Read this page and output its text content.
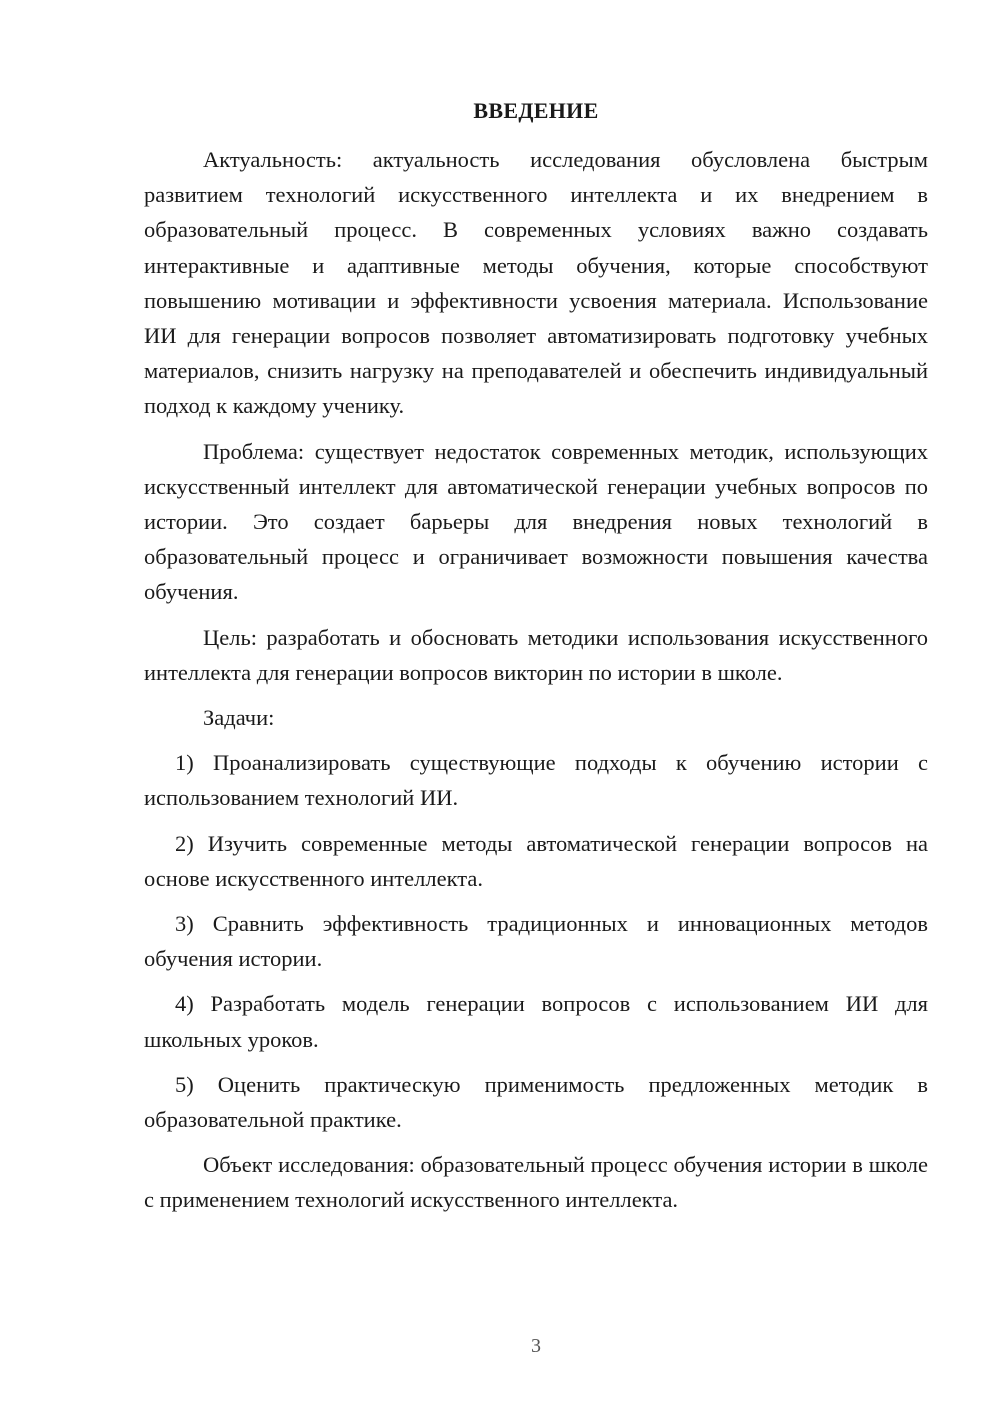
ВВЕДЕНИЕ

Актуальность: актуальность исследования обусловлена быстрым развитием технологий искусственного интеллекта и их внедрением в образовательный процесс. В современных условиях важно создавать интерактивные и адаптивные методы обучения, которые способствуют повышению мотивации и эффективности усвоения материала. Использование ИИ для генерации вопросов позволяет автоматизировать подготовку учебных материалов, снизить нагрузку на преподавателей и обеспечить индивидуальный подход к каждому ученику.

Проблема: существует недостаток современных методик, использующих искусственный интеллект для автоматической генерации учебных вопросов по истории. Это создает барьеры для внедрения новых технологий в образовательный процесс и ограничивает возможности повышения качества обучения.

Цель: разработать и обосновать методики использования искусственного интеллекта для генерации вопросов викторин по истории в школе.

Задачи:

1) Проанализировать существующие подходы к обучению истории с использованием технологий ИИ.

2) Изучить современные методы автоматической генерации вопросов на основе искусственного интеллекта.

3) Сравнить эффективность традиционных и инновационных методов обучения истории.

4) Разработать модель генерации вопросов с использованием ИИ для школьных уроков.

5) Оценить практическую применимость предложенных методик в образовательной практике.

Объект исследования: образовательный процесс обучения истории в школе с применением технологий искусственного интеллекта.

3
